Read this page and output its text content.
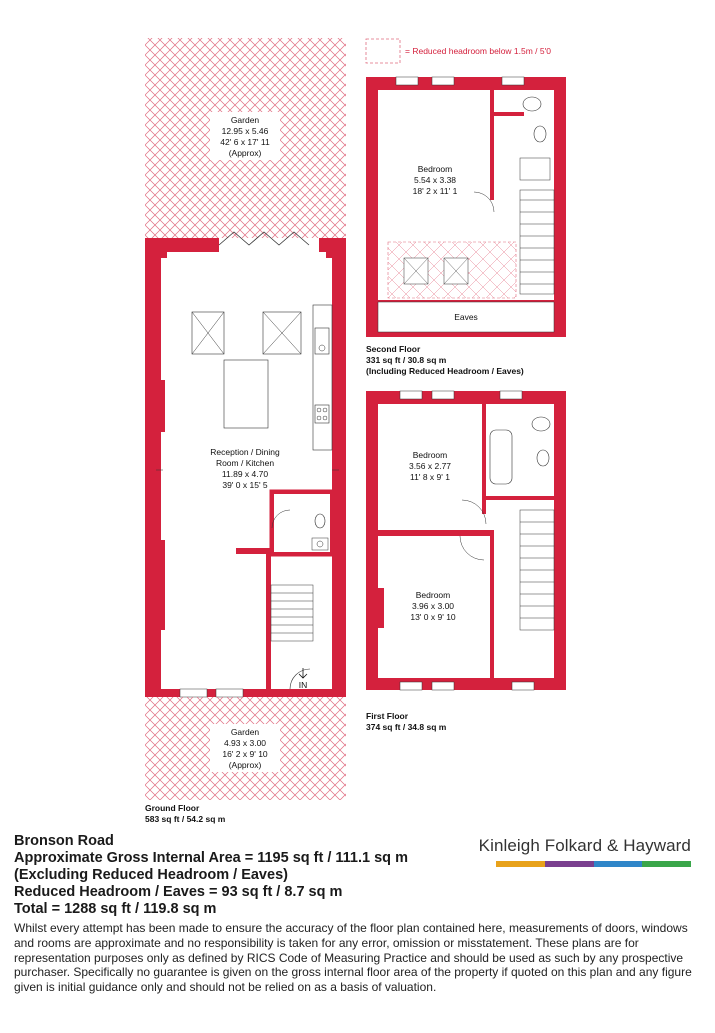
= Reduced headroom below 1.5m / 5'0
Garden
12.95 x 5.46
42' 6 x 17' 11
(Approx)
Reception / Dining
Room / Kitchen
11.89 x 4.70
39' 0 x 15' 5
IN
Garden
4.93 x 3.00
16' 2 x 9' 10
(Approx)
Ground Floor
583 sq ft / 54.2 sq m
Bedroom
5.54 x 3.38
18' 2 x 11' 1
Eaves
Second Floor
331 sq ft / 30.8 sq m
(Including Reduced Headroom / Eaves)
Bedroom
3.56 x 2.77
11' 8 x 9' 1
Bedroom
3.96 x 3.00
13' 0 x 9' 10
First Floor
374 sq ft / 34.8 sq m
Bronson Road
Approximate Gross Internal Area = 1195 sq ft / 111.1 sq m
(Excluding Reduced Headroom / Eaves)
Reduced Headroom / Eaves = 93 sq ft / 8.7 sq m
Total = 1288 sq ft / 119.8 sq m
Whilst every attempt has been made to ensure the accuracy of the floor plan contained here, measurements of doors, windows and rooms are approximate and no responsibility is taken for any error, omission or misstatement. These plans are for representation purposes only as defined by RICS Code of Measuring Practice and should be used as such by any prospective purchaser. Specifically no guarantee is given on the gross internal floor area of the property if quoted on this plan and any figure given is initial guidance only and should not be relied on as a basis of valuation.
Kinleigh Folkard & Hayward
